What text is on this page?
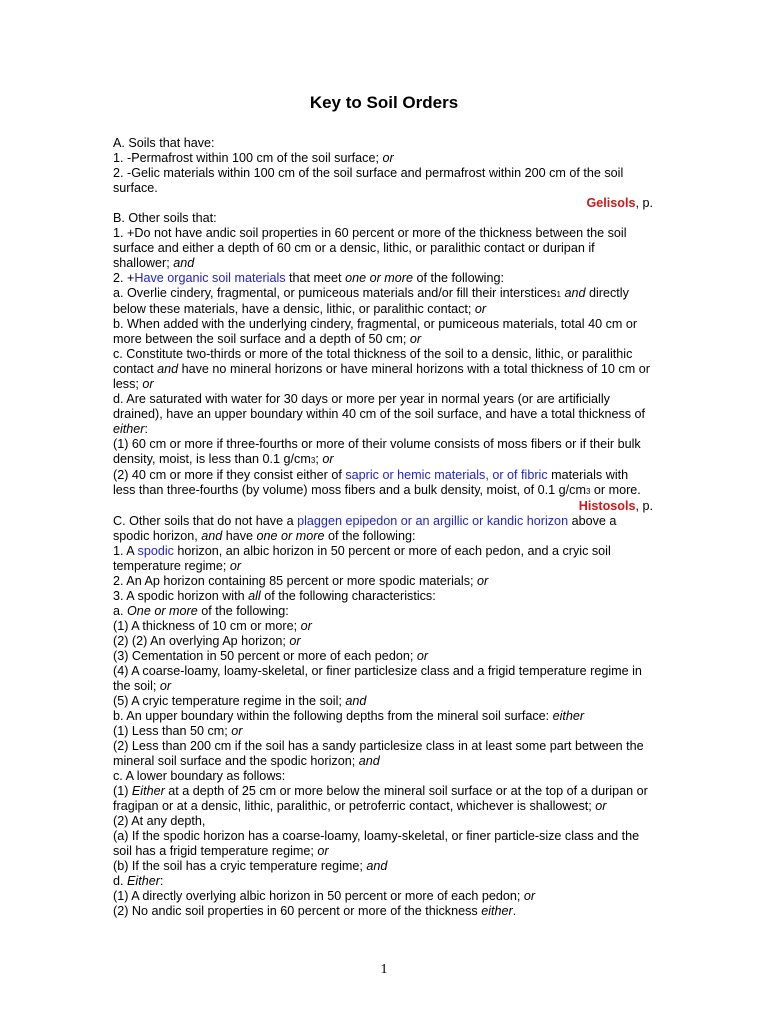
Key to Soil Orders
A. Soils that have:
1. -Permafrost within 100 cm of the soil surface; or
2. -Gelic materials within 100 cm of the soil surface and permafrost within 200 cm of the soil surface.
Gelisols, p.
B. Other soils that:
1. +Do not have andic soil properties in 60 percent or more of the thickness between the soil surface and either a depth of 60 cm or a densic, lithic, or paralithic contact or duripan if shallower; and
2. +Have organic soil materials that meet one or more of the following:
a. Overlie cindery, fragmental, or pumiceous materials and/or fill their interstices1 and directly below these materials, have a densic, lithic, or paralithic contact; or
b. When added with the underlying cindery, fragmental, or pumiceous materials, total 40 cm or more between the soil surface and a depth of 50 cm; or
c. Constitute two-thirds or more of the total thickness of the soil to a densic, lithic, or paralithic contact and have no mineral horizons or have mineral horizons with a total thickness of 10 cm or less; or
d. Are saturated with water for 30 days or more per year in normal years (or are artificially drained), have an upper boundary within 40 cm of the soil surface, and have a total thickness of either:
(1) 60 cm or more if three-fourths or more of their volume consists of moss fibers or if their bulk density, moist, is less than 0.1 g/cm3; or
(2) 40 cm or more if they consist either of sapric or hemic materials, or of fibric materials with less than three-fourths (by volume) moss fibers and a bulk density, moist, of 0.1 g/cm3 or more.
Histosols, p.
C. Other soils that do not have a plaggen epipedon or an argillic or kandic horizon above a spodic horizon, and have one or more of the following:
1. A spodic horizon, an albic horizon in 50 percent or more of each pedon, and a cryic soil temperature regime; or
2. An Ap horizon containing 85 percent or more spodic materials; or
3. A spodic horizon with all of the following characteristics:
a. One or more of the following:
(1) A thickness of 10 cm or more; or
(2) (2) An overlying Ap horizon; or
(3) Cementation in 50 percent or more of each pedon; or
(4) A coarse-loamy, loamy-skeletal, or finer particlesize class and a frigid temperature regime in the soil; or
(5) A cryic temperature regime in the soil; and
b. An upper boundary within the following depths from the mineral soil surface: either
(1) Less than 50 cm; or
(2) Less than 200 cm if the soil has a sandy particlesize class in at least some part between the mineral soil surface and the spodic horizon; and
c. A lower boundary as follows:
(1) Either at a depth of 25 cm or more below the mineral soil surface or at the top of a duripan or fragipan or at a densic, lithic, paralithic, or petroferric contact, whichever is shallowest; or
(2) At any depth,
(a) If the spodic horizon has a coarse-loamy, loamy-skeletal, or finer particle-size class and the soil has a frigid temperature regime; or
(b) If the soil has a cryic temperature regime; and
d. Either:
(1) A directly overlying albic horizon in 50 percent or more of each pedon; or
(2) No andic soil properties in 60 percent or more of the thickness either.
1
